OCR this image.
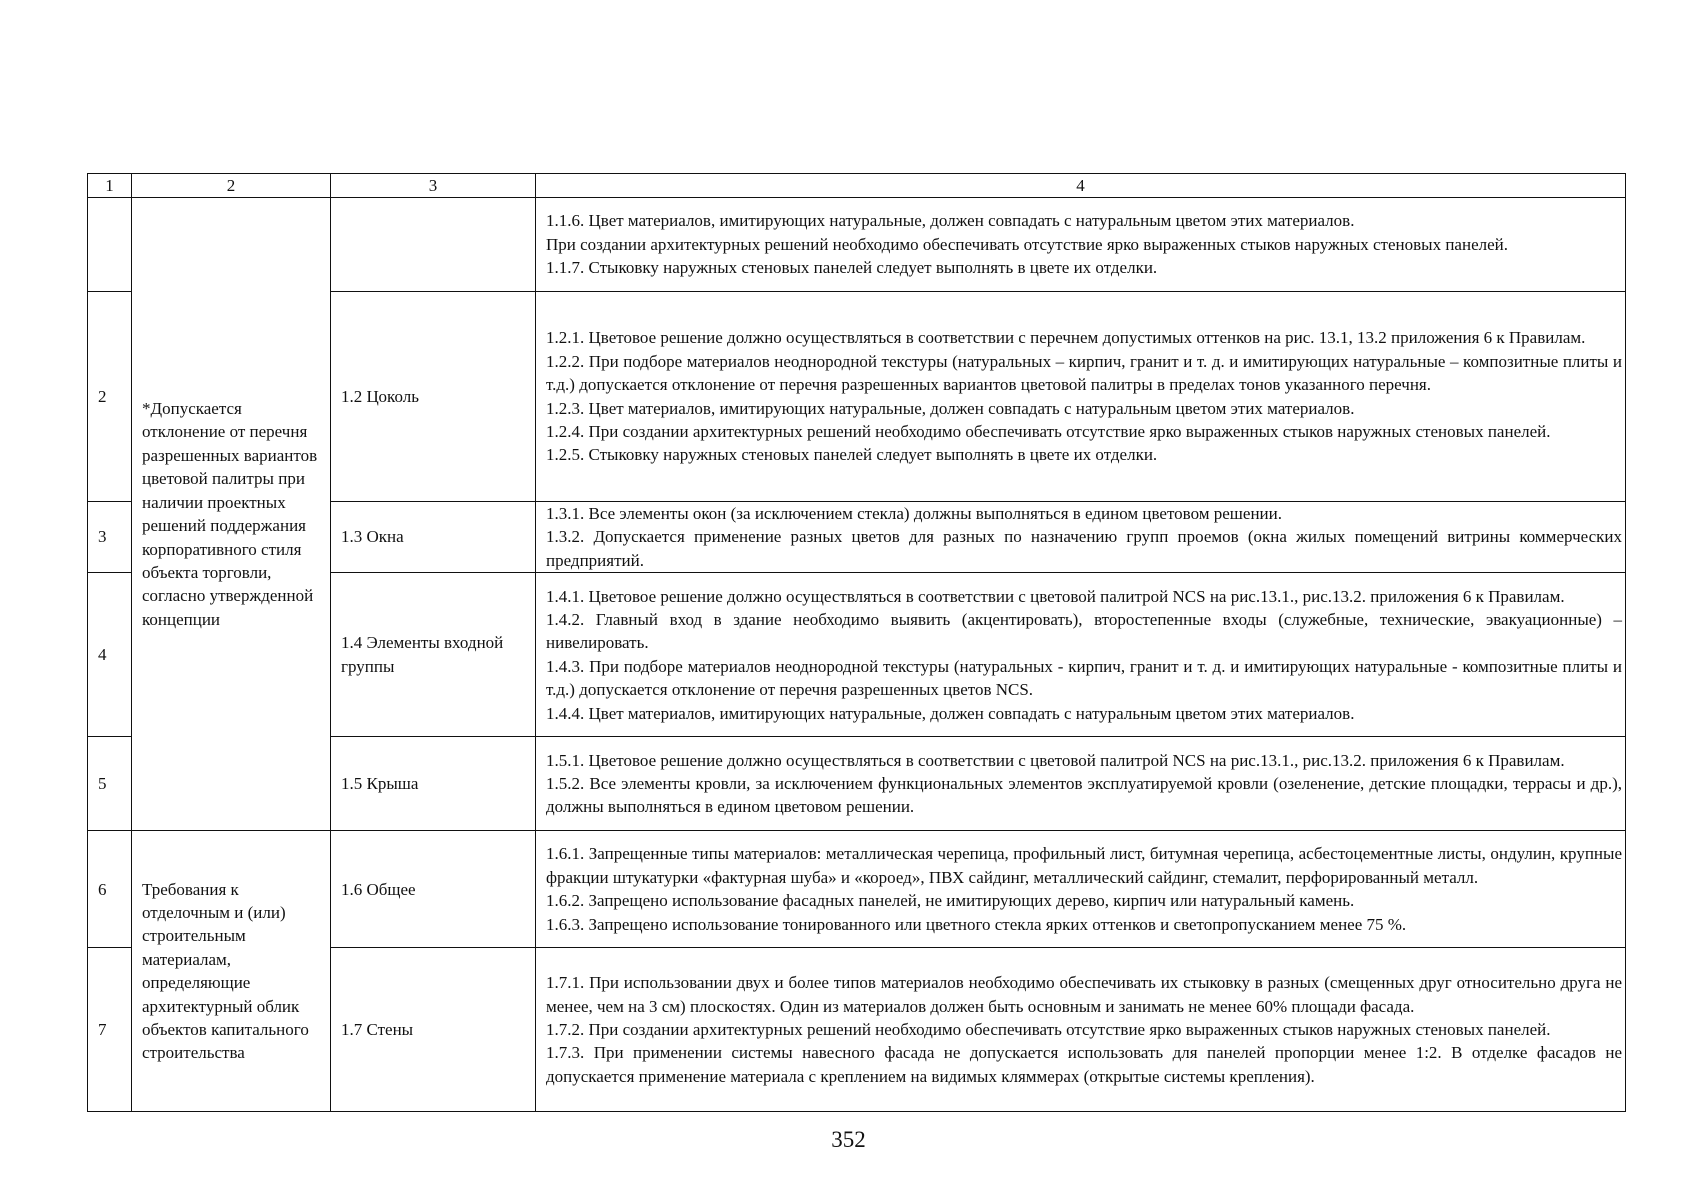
1	2	3	4
	*Допускается отклонение от перечня разрешенных вариантов цветовой палитры при наличии проектных решений поддержания корпоративного стиля объекта торговли, согласно утвержденной концепции		1.1.6. Цвет материалов, имитирующих натуральные, должен совпадать с натуральным цветом этих материалов.

При создании архитектурных решений необходимо обеспечивать отсутствие ярко выраженных стыков наружных стеновых панелей.

1.1.7. Стыковку наружных стеновых панелей следует выполнять в цвете их отделки.

2		1.2 Цоколь	1.2.1. Цветовое решение должно осуществляться в соответствии с перечнем допустимых оттенков на рис. 13.1, 13.2 приложения 6 к Правилам.

1.2.2. При подборе материалов неоднородной текстуры (натуральных – кирпич, гранит и т. д. и имитирующих натуральные – композитные плиты и т.д.) допускается отклонение от перечня разрешенных вариантов цветовой палитры в пределах тонов указанного перечня.

1.2.3. Цвет материалов, имитирующих натуральные, должен совпадать с натуральным цветом этих материалов.

1.2.4. При создании архитектурных решений необходимо обеспечивать отсутствие ярко выраженных стыков наружных стеновых панелей.

1.2.5. Стыковку наружных стеновых панелей следует выполнять в цвете их отделки.

3		1.3 Окна	1.3.1. Все элементы окон (за исключением стекла) должны выполняться в едином цветовом решении.

1.3.2. Допускается применение разных цветов для разных по назначению групп проемов (окна жилых помещений витрины коммерческих предприятий.

4		1.4 Элементы входной группы	1.4.1. Цветовое решение должно осуществляться в соответствии с цветовой палитрой NCS на рис.13.1., рис.13.2. приложения 6 к Правилам.

1.4.2. Главный вход в здание необходимо выявить (акцентировать), второстепенные входы (служебные, технические, эвакуационные) – нивелировать.

1.4.3. При подборе материалов неоднородной текстуры (натуральных - кирпич, гранит и т. д. и имитирующих натуральные - композитные плиты и т.д.) допускается отклонение от перечня разрешенных цветов NCS.

1.4.4. Цвет материалов, имитирующих натуральные, должен совпадать с натуральным цветом этих материалов.

5		1.5 Крыша	1.5.1. Цветовое решение должно осуществляться в соответствии с цветовой палитрой NCS на рис.13.1., рис.13.2. приложения 6 к Правилам.

1.5.2. Все элементы кровли, за исключением функциональных элементов эксплуатируемой кровли (озеленение, детские площадки, террасы и др.), должны выполняться в едином цветовом решении.

6	Требования к отделочным и (или) строительным материалам, определяющие архитектурный облик объектов капитального строительства	1.6 Общее	1.6.1. Запрещенные типы материалов: металлическая черепица, профильный лист, битумная черепица, асбестоцементные листы, ондулин, крупные фракции штукатурки «фактурная шуба» и «короед», ПВХ сайдинг, металлический сайдинг, стемалит, перфорированный металл.

1.6.2. Запрещено использование фасадных панелей, не имитирующих дерево, кирпич или натуральный камень.

1.6.3. Запрещено использование тонированного или цветного стекла ярких оттенков и светопропусканием менее 75 %.

7		1.7 Стены	1.7.1. При использовании двух и более типов материалов необходимо обеспечивать их стыковку в разных (смещенных друг относительно друга не менее, чем на 3 см) плоскостях. Один из материалов должен быть основным и занимать не менее 60% площади фасада.

1.7.2. При создании архитектурных решений необходимо обеспечивать отсутствие ярко выраженных стыков наружных стеновых панелей.

1.7.3. При применении системы навесного фасада не допускается использовать для панелей пропорции менее 1:2. В отделке фасадов не допускается применение материала с креплением на видимых кляммерах (открытые системы крепления).

352
